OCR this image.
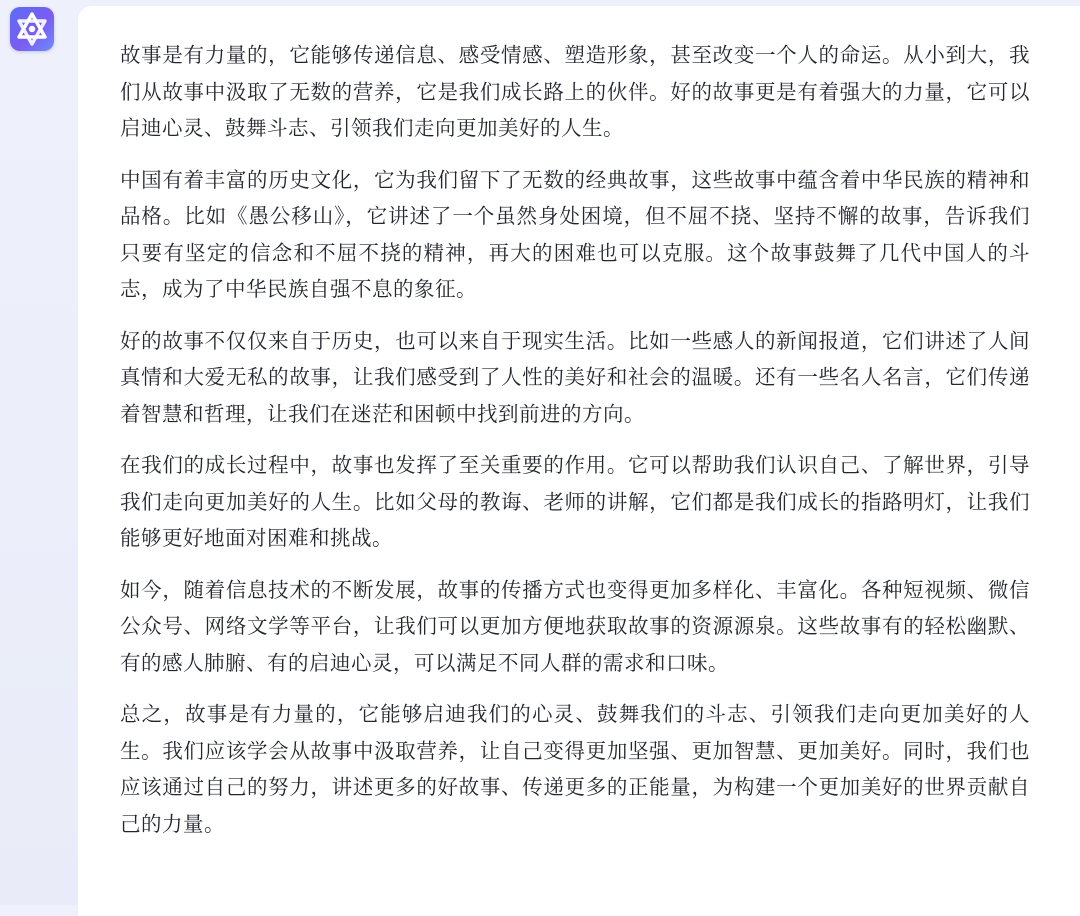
故事是有力量的，它能够传递信息、感受情感、塑造形象，甚至改变一个人的命运。从小到大，我们从故事中汲取了无数的营养，它是我们成长路上的伙伴。好的故事更是有着强大的力量，它可以启迪心灵、鼓舞斗志、引领我们走向更加美好的人生。

中国有着丰富的历史文化，它为我们留下了无数的经典故事，这些故事中蕴含着中华民族的精神和品格。比如《愚公移山》，它讲述了一个虽然身处困境，但不屈不挠、坚持不懈的故事，告诉我们只要有坚定的信念和不屈不挠的精神，再大的困难也可以克服。这个故事鼓舞了几代中国人的斗志，成为了中华民族自强不息的象征。

好的故事不仅仅来自于历史，也可以来自于现实生活。比如一些感人的新闻报道，它们讲述了人间真情和大爱无私的故事，让我们感受到了人性的美好和社会的温暖。还有一些名人名言，它们传递着智慧和哲理，让我们在迷茫和困顿中找到前进的方向。

在我们的成长过程中，故事也发挥了至关重要的作用。它可以帮助我们认识自己、了解世界，引导我们走向更加美好的人生。比如父母的教诲、老师的讲解，它们都是我们成长的指路明灯，让我们能够更好地面对困难和挑战。

如今，随着信息技术的不断发展，故事的传播方式也变得更加多样化、丰富化。各种短视频、微信公众号、网络文学等平台，让我们可以更加方便地获取故事的资源源泉。这些故事有的轻松幽默、有的感人肺腑、有的启迪心灵，可以满足不同人群的需求和口味。

总之，故事是有力量的，它能够启迪我们的心灵、鼓舞我们的斗志、引领我们走向更加美好的人生。我们应该学会从故事中汲取营养，让自己变得更加坚强、更加智慧、更加美好。同时，我们也应该通过自己的努力，讲述更多的好故事、传递更多的正能量，为构建一个更加美好的世界贡献自己的力量。
